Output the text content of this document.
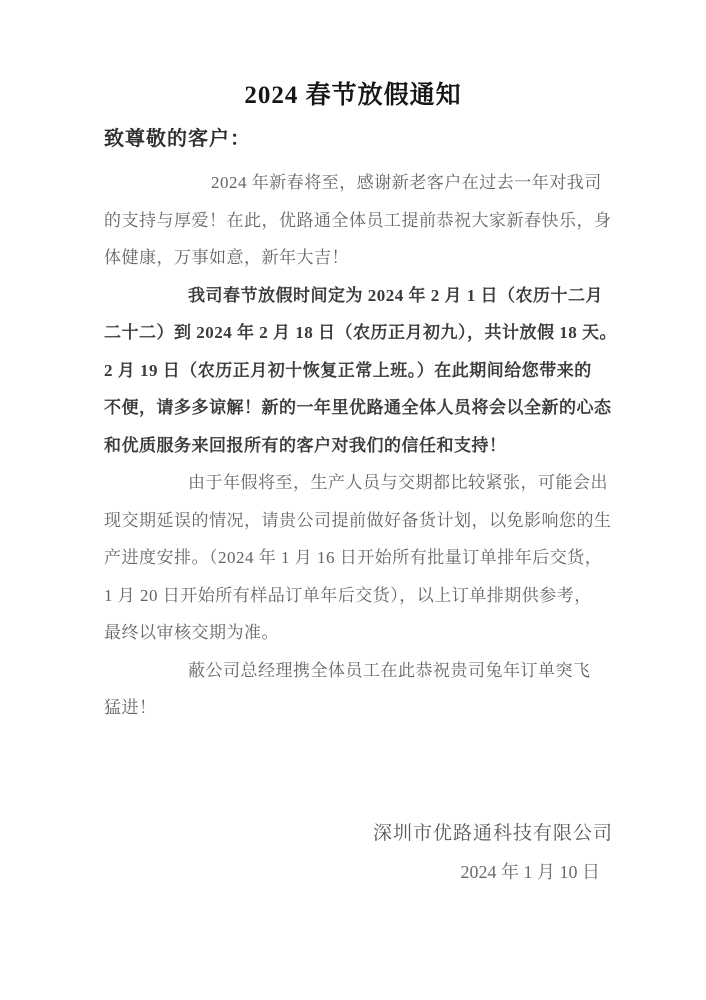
2024 春节放假通知
致尊敬的客户：
2024 年新春将至，感谢新老客户在过去一年对我司
的支持与厚爱！在此，优路通全体员工提前恭祝大家新春快乐，身
体健康，万事如意，新年大吉！
我司春节放假时间定为 2024 年 2 月 1 日（农历十二月
二十二）到 2024 年 2 月 18 日（农历正月初九），共计放假 18 天。
2 月 19 日（农历正月初十恢复正常上班。）在此期间给您带来的
不便，请多多谅解！新的一年里优路通全体人员将会以全新的心态
和优质服务来回报所有的客户对我们的信任和支持！
由于年假将至，生产人员与交期都比较紧张，可能会出
现交期延误的情况，请贵公司提前做好备货计划，以免影响您的生
产进度安排。（2024 年 1 月 16 日开始所有批量订单排年后交货，
1 月 20 日开始所有样品订单年后交货），以上订单排期供参考，
最终以审核交期为准。
蔽公司总经理携全体员工在此恭祝贵司兔年订单突飞
猛进！
深圳市优路通科技有限公司
2024 年 1 月 10 日
